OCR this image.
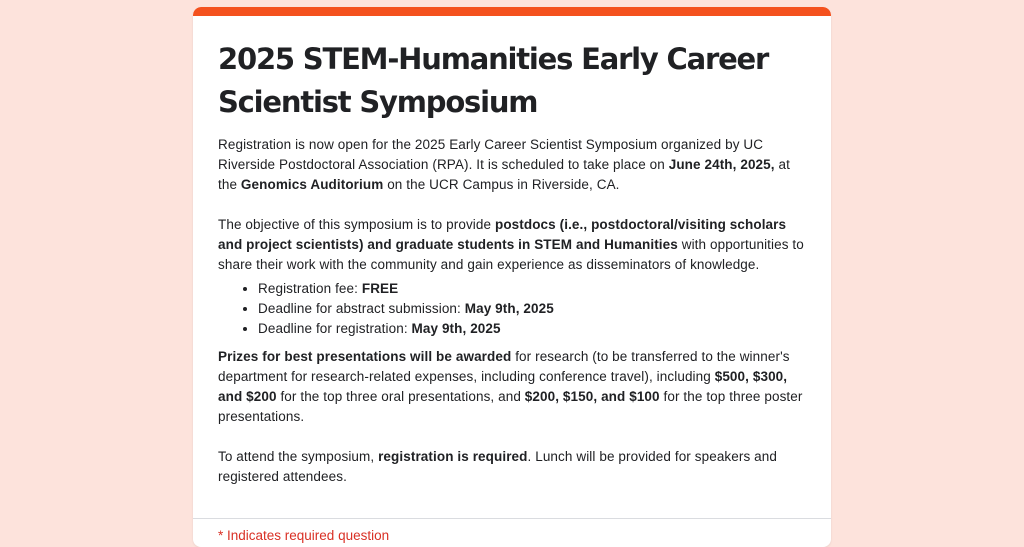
2025 STEM-Humanities Early Career Scientist Symposium

Registration is now open for the 2025 Early Career Scientist Symposium organized by UC Riverside Postdoctoral Association (RPA). It is scheduled to take place on June 24th, 2025, at the Genomics Auditorium on the UCR Campus in Riverside, CA.

The objective of this symposium is to provide postdocs (i.e., postdoctoral/visiting scholars and project scientists) and graduate students in STEM and Humanities with opportunities to share their work with the community and gain experience as disseminators of knowledge.

• Registration fee: FREE
• Deadline for abstract submission: May 9th, 2025
• Deadline for registration: May 9th, 2025

Prizes for best presentations will be awarded for research (to be transferred to the winner's department for research-related expenses, including conference travel), including $500, $300, and $200 for the top three oral presentations, and $200, $150, and $100 for the top three poster presentations.

To attend the symposium, registration is required. Lunch will be provided for speakers and registered attendees.

* Indicates required question
